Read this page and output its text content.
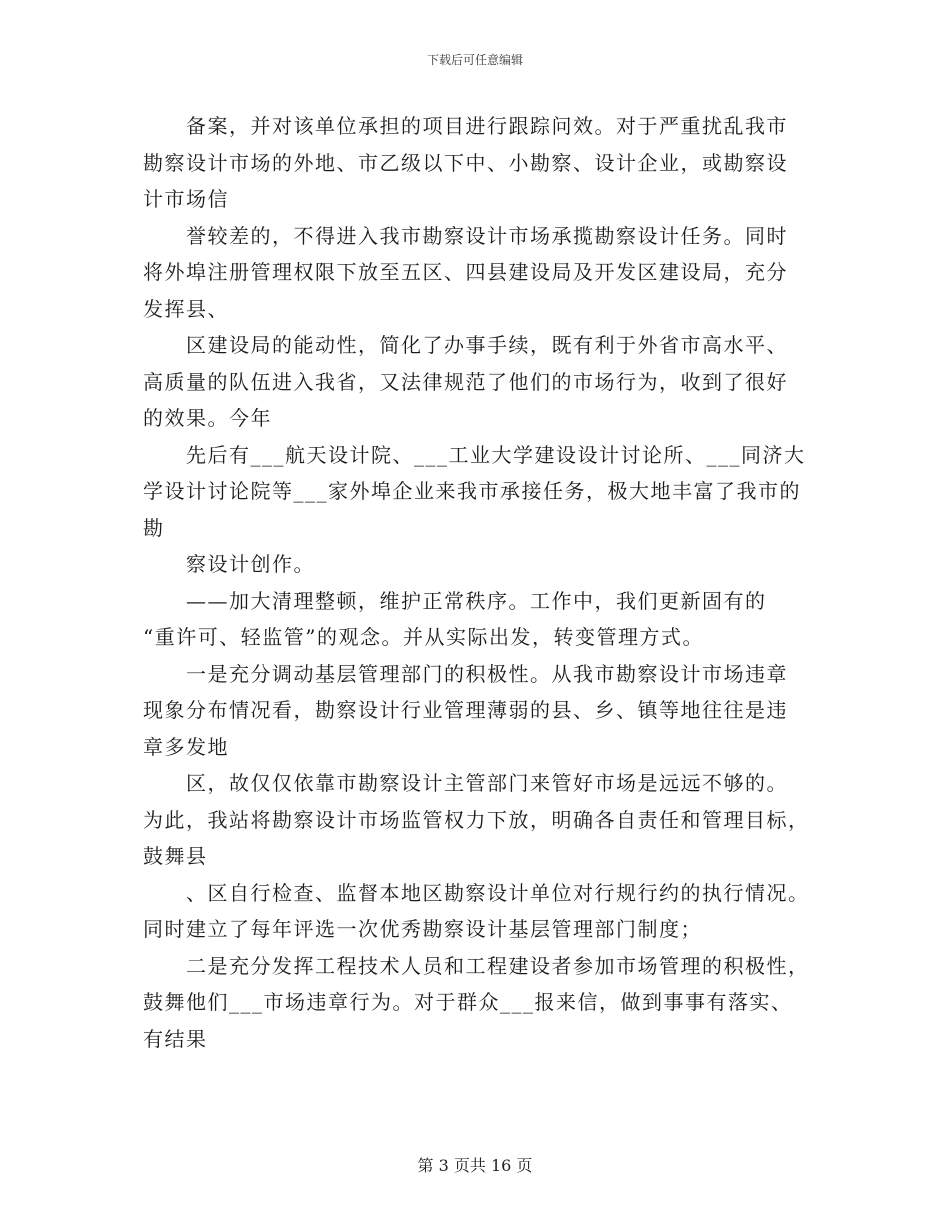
下载后可任意编辑

备案，并对该单位承担的项目进行跟踪问效。对于严重扰乱我市

勘察设计市场的外地、市乙级以下中、小勘察、设计企业，或勘察设

计市场信

誉较差的，不得进入我市勘察设计市场承揽勘察设计任务。同时

将外埠注册管理权限下放至五区、四县建设局及开发区建设局，充分

发挥县、

区建设局的能动性，简化了办事手续，既有利于外省市高水平、

高质量的队伍进入我省，又法律规范了他们的市场行为，收到了很好

的效果。今年

先后有___航天设计院、___工业大学建设设计讨论所、___同济大

学设计讨论院等___家外埠企业来我市承接任务，极大地丰富了我市的

勘

察设计创作。

——加大清理整顿，维护正常秩序。工作中，我们更新固有的

“重许可、轻监管”的观念。并从实际出发，转变管理方式。

一是充分调动基层管理部门的积极性。从我市勘察设计市场违章

现象分布情况看，勘察设计行业管理薄弱的县、乡、镇等地往往是违

章多发地

区，故仅仅依靠市勘察设计主管部门来管好市场是远远不够的。

为此，我站将勘察设计市场监管权力下放，明确各自责任和管理目标，

鼓舞县

、区自行检查、监督本地区勘察设计单位对行规行约的执行情况。

同时建立了每年评选一次优秀勘察设计基层管理部门制度；

二是充分发挥工程技术人员和工程建设者参加市场管理的积极性，

鼓舞他们___市场违章行为。对于群众___报来信，做到事事有落实、

有结果

第 3 页共 16 页
